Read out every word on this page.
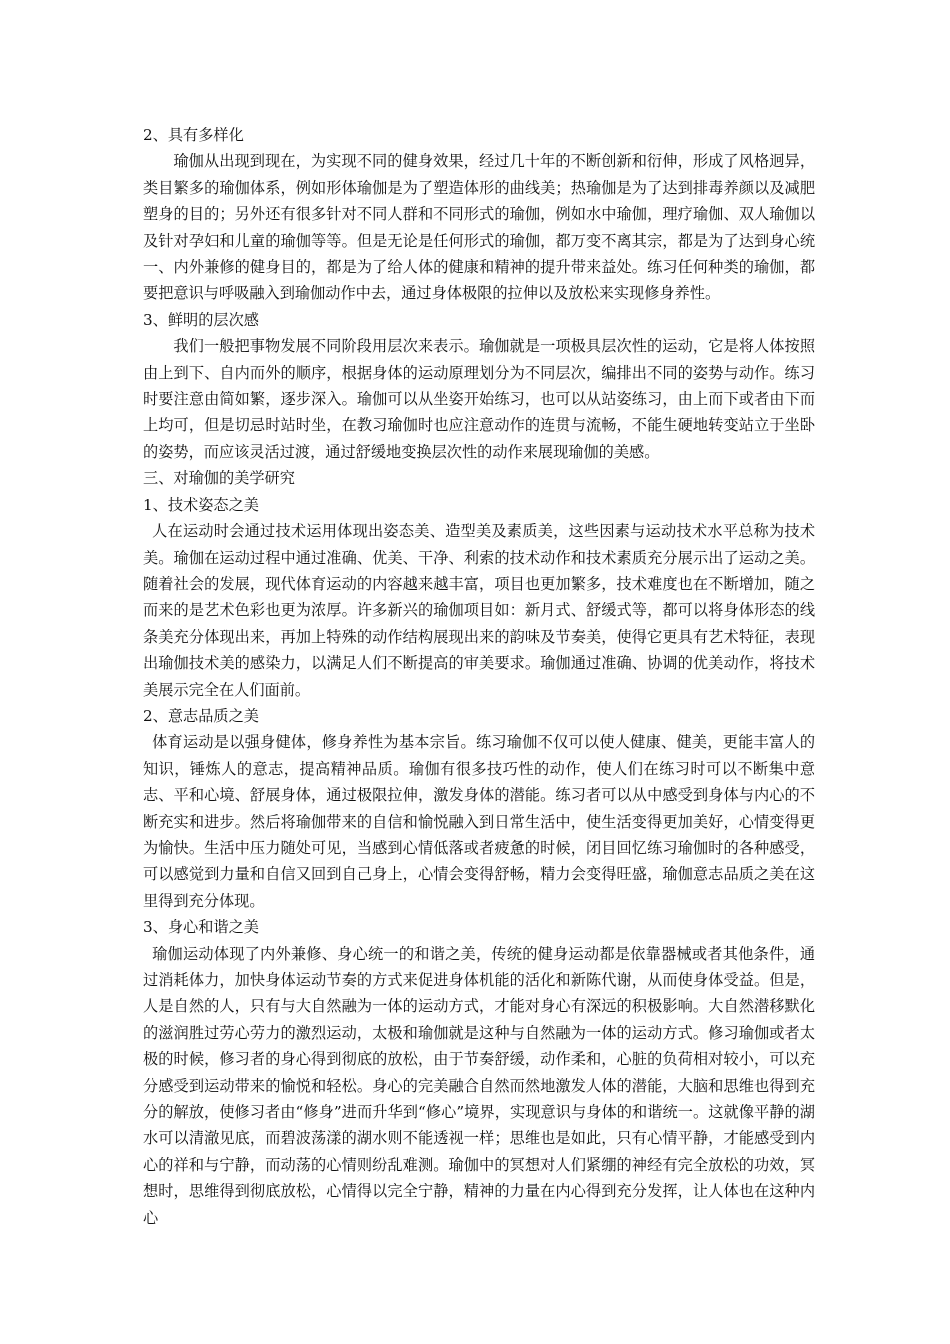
2、具有多样化

瑜伽从出现到现在，为实现不同的健身效果，经过几十年的不断创新和衍伸，形成了风格迥异，类目繁多的瑜伽体系，例如形体瑜伽是为了塑造体形的曲线美；热瑜伽是为了达到排毒养颜以及减肥塑身的目的；另外还有很多针对不同人群和不同形式的瑜伽，例如水中瑜伽，理疗瑜伽、双人瑜伽以及针对孕妇和儿童的瑜伽等等。但是无论是任何形式的瑜伽，都万变不离其宗，都是为了达到身心统一、内外兼修的健身目的，都是为了给人体的健康和精神的提升带来益处。练习任何种类的瑜伽，都要把意识与呼吸融入到瑜伽动作中去，通过身体极限的拉伸以及放松来实现修身养性。

3、鲜明的层次感

我们一般把事物发展不同阶段用层次来表示。瑜伽就是一项极具层次性的运动，它是将人体按照由上到下、自内而外的顺序，根据身体的运动原理划分为不同层次，编排出不同的姿势与动作。练习时要注意由简如繁，逐步深入。瑜伽可以从坐姿开始练习，也可以从站姿练习，由上而下或者由下而上均可，但是切忌时站时坐，在教习瑜伽时也应注意动作的连贯与流畅，不能生硬地转变站立于坐卧的姿势，而应该灵活过渡，通过舒缓地变换层次性的动作来展现瑜伽的美感。

三、对瑜伽的美学研究

1、技术姿态之美

人在运动时会通过技术运用体现出姿态美、造型美及素质美，这些因素与运动技术水平总称为技术美。瑜伽在运动过程中通过准确、优美、干净、利索的技术动作和技术素质充分展示出了运动之美。随着社会的发展，现代体育运动的内容越来越丰富，项目也更加繁多，技术难度也在不断增加，随之而来的是艺术色彩也更为浓厚。许多新兴的瑜伽项目如：新月式、舒缓式等，都可以将身体形态的线条美充分体现出来，再加上特殊的动作结构展现出来的韵味及节奏美，使得它更具有艺术特征，表现出瑜伽技术美的感染力，以满足人们不断提高的审美要求。瑜伽通过准确、协调的优美动作，将技术美展示完全在人们面前。

2、意志品质之美

体育运动是以强身健体，修身养性为基本宗旨。练习瑜伽不仅可以使人健康、健美，更能丰富人的知识，锤炼人的意志，提高精神品质。瑜伽有很多技巧性的动作，使人们在练习时可以不断集中意志、平和心境、舒展身体，通过极限拉伸，激发身体的潜能。练习者可以从中感受到身体与内心的不断充实和进步。然后将瑜伽带来的自信和愉悦融入到日常生活中，使生活变得更加美好，心情变得更为愉快。生活中压力随处可见，当感到心情低落或者疲惫的时候，闭目回忆练习瑜伽时的各种感受，可以感觉到力量和自信又回到自己身上，心情会变得舒畅，精力会变得旺盛，瑜伽意志品质之美在这里得到充分体现。

3、身心和谐之美

瑜伽运动体现了内外兼修、身心统一的和谐之美，传统的健身运动都是依靠器械或者其他条件，通过消耗体力，加快身体运动节奏的方式来促进身体机能的活化和新陈代谢，从而使身体受益。但是，人是自然的人，只有与大自然融为一体的运动方式，才能对身心有深远的积极影响。大自然潜移默化的滋润胜过劳心劳力的激烈运动，太极和瑜伽就是这种与自然融为一体的运动方式。修习瑜伽或者太极的时候，修习者的身心得到彻底的放松，由于节奏舒缓，动作柔和，心脏的负荷相对较小，可以充分感受到运动带来的愉悦和轻松。身心的完美融合自然而然地激发人体的潜能，大脑和思维也得到充分的解放，使修习者由“修身”进而升华到“修心”境界，实现意识与身体的和谐统一。这就像平静的湖水可以清澈见底，而碧波荡漾的湖水则不能透视一样；思维也是如此，只有心情平静，才能感受到内心的祥和与宁静，而动荡的心情则纷乱难测。瑜伽中的冥想对人们紧绷的神经有完全放松的功效，冥想时，思维得到彻底放松，心情得以完全宁静，精神的力量在内心得到充分发挥，让人体也在这种内心
